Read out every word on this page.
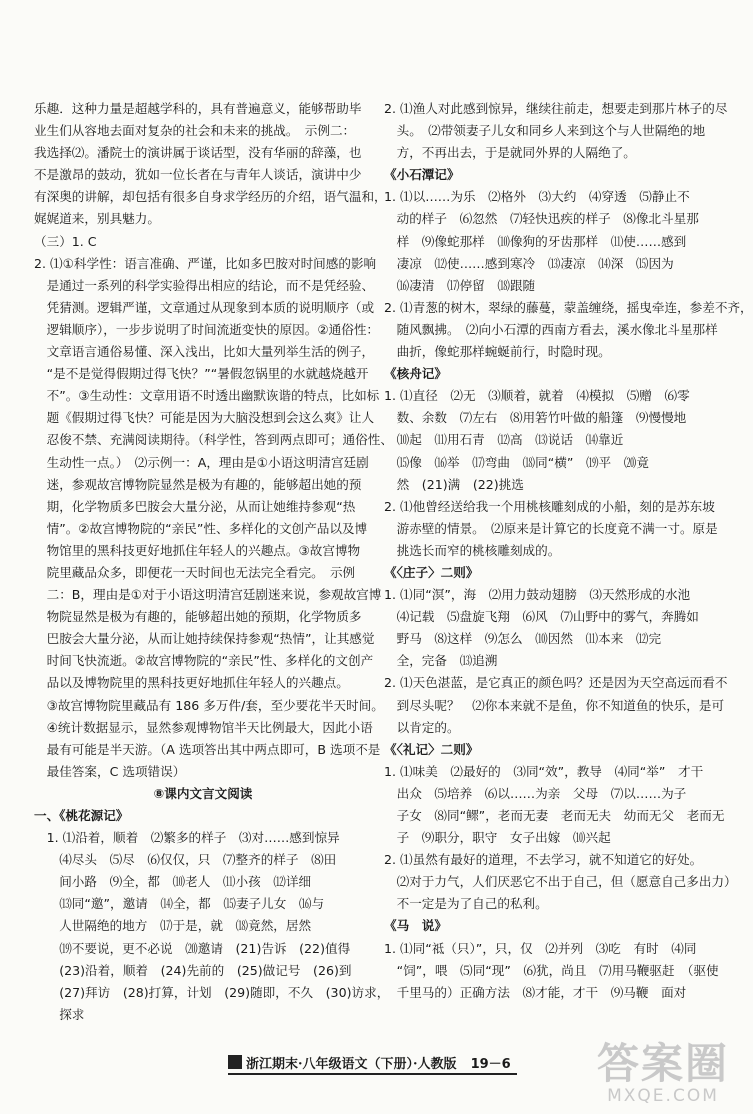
乐趣．这种力量是超越学科的，具有普遍意义，能够帮助毕
业生们从容地去面对复杂的社会和未来的挑战。　示例二：
我选择⑵。潘院士的演讲属于谈话型，没有华丽的辞藻，也
不是激昂的鼓动，犹如一位长者在与青年人谈话，演讲中少
有深奥的讲解，却包括有很多自身求学经历的介绍，语气温和，
娓娓道来，别具魅力。
（三）1. C
2. ⑴①科学性：语言准确、严谨，比如多巴胺对时间感的影响
　是通过一系列的科学实验得出相应的结论，而不是凭经验、
　凭猜测。逻辑严谨，文章通过从现象到本质的说明顺序（或
　逻辑顺序），一步步说明了时间流逝变快的原因。②通俗性：
　文章语言通俗易懂、深入浅出，比如大量列举生活的例子，
　“是不是觉得假期过得飞快？”“暑假忽锅里的水就越烧越开
　不”。③生动性：文章用语不时透出幽默诙谐的特点，比如标
　题《假期过得飞快？可能是因为大脑没想到会这么爽》让人
　忍俊不禁、充满阅读期待。（科学性，答到两点即可；通俗性、
　生动性一点。）　⑵示例一：A，理由是①小语这明清宫廷剧
　迷，参观故宫博物院显然是极为有趣的，能够超出她的预
　期，化学物质多巴胺会大量分泌，从而让她维持参观“热
　情”。②故宫博物院的“亲民”性、多样化的文创产品以及博
　物馆里的黑科技更好地抓住年轻人的兴趣点。③故宫博物
　院里藏品众多，即便花一天时间也无法完全看完。　示例
　二：B，理由是①对于小语这明清宫廷剧迷来说，参观故宫博
　物院显然是极为有趣的，能够超出她的预期，化学物质多
　巴胺会大量分泌，从而让她持续保持参观“热情”，让其感觉
　时间飞快流逝。②故宫博物院的“亲民”性、多样化的文创产
　品以及博物院里的黑科技更好地抓住年轻人的兴趣点。
　③故宫博物院里藏品有 186 多万件/套，至少要花半天时间。
　④统计数据显示，显然参观博物馆半天比例最大，因此小语
　最有可能是半天游。（A 选项答出其中两点即可，B 选项不是
　最佳答案，C 选项错误）
⑧课内文言文阅读
一、《桃花源记》
　1. ⑴沿着，顺着　⑵繁多的样子　⑶对……感到惊异
　　⑷尽头　⑸尽　⑹仅仅，只　⑺整齐的样子　⑻田
　　间小路　⑼全，都　⑽老人　⑾小孩　⑿详细
　　⒀同“邀”，邀请　⒁全，都　⒂妻子儿女　⒃与
　　人世隔绝的地方　⒄于是，就　⒅竟然，居然
　　⒆不要说，更不必说　⒇邀请　(21)告诉　(22)值得
　　(23)沿着，顺着　(24)先前的　(25)做记号　(26)到
　　(27)拜访　(28)打算，计划　(29)随即，不久　(30)访求，
　　探求
2. ⑴渔人对此感到惊异，继续往前走，想要走到那片林子的尽
　头。　⑵带领妻子儿女和同乡人来到这个与人世隔绝的地
　方，不再出去，于是就同外界的人隔绝了。
《小石潭记》
1. ⑴以……为乐　⑵格外　⑶大约　⑷穿透　⑸静止不
　动的样子　⑹忽然　⑺轻快迅疾的样子　⑻像北斗星那
　样　⑼像蛇那样　⑽像狗的牙齿那样　⑾使……感到
　凄凉　⑿使……感到寒冷　⒀凄凉　⒁深　⒂因为
　⒃凄清　⒄停留　⒅跟随
2. ⑴青葱的树木，翠绿的藤蔓，蒙盖缠绕，摇曳牵连，参差不齐，
　随风飘拂。　⑵向小石潭的西南方看去，溪水像北斗星那样
　曲折，像蛇那样蜿蜒前行，时隐时现。
《核舟记》
1. ⑴直径　⑵无　⑶顺着，就着　⑷模拟　⑸赠　⑹零
　数、余数　⑺左右　⑻用箬竹叶做的船篷　⑼慢慢地
　⑽起　⑾用石青　⑿高　⒀说话　⒁靠近
　⒂像　⒃举　⒄弯曲　⒅同“横”　⒆平　⒇竟
　然　(21)满　(22)挑选
2. ⑴他曾经送给我一个用桃核雕刻成的小船，刻的是苏东坡
　游赤壁的情景。　⑵原来是计算它的长度竟不满一寸。原是
　挑选长而窄的桃核雕刻成的。
《〈庄子〉二则》
1. ⑴同“溟”，海　⑵用力鼓动翅膀　⑶天然形成的水池
　⑷记载　⑸盘旋飞翔　⑹风　⑺山野中的雾气，奔腾如
　野马　⑻这样　⑼怎么　⑽因然　⑾本来　⑿完
　全，完备　⒀追溯
2. ⑴天色湛蓝，是它真正的颜色吗？还是因为天空高远而看不
　到尽头呢？　⑵你本来就不是鱼，你不知道鱼的快乐，是可
　以肯定的。
《〈礼记〉二则》
1. ⑴味美　⑵最好的　⑶同“效”，教导　⑷同“举”　才干
　出众　⑸培养　⑹以……为亲　父母　⑺以……为子
　子女　⑻同“鳏”，老而无妻　老而无夫　幼而无父　老而无
　子　⑼职分，职守　女子出嫁　⑽兴起
2. ⑴虽然有最好的道理，不去学习，就不知道它的好处。
　⑵对于力气，人们厌恶它不出于自己，但（愿意自己多出力）
　不一定是为了自己的私利。
《马　说》
1. ⑴同“祗（只）”，只，仅　⑵并列　⑶吃　有时　⑷同
　“饲”，喂　⑸同“现”　⑹犹，尚且　⑺用马鞭驱赶　（驱使
　千里马的）正确方法　⑻才能，才干　⑼马鞭　面对
浙江期末·八年级语文（下册）·人教版 19－6 答案圈
MXQE.COM
